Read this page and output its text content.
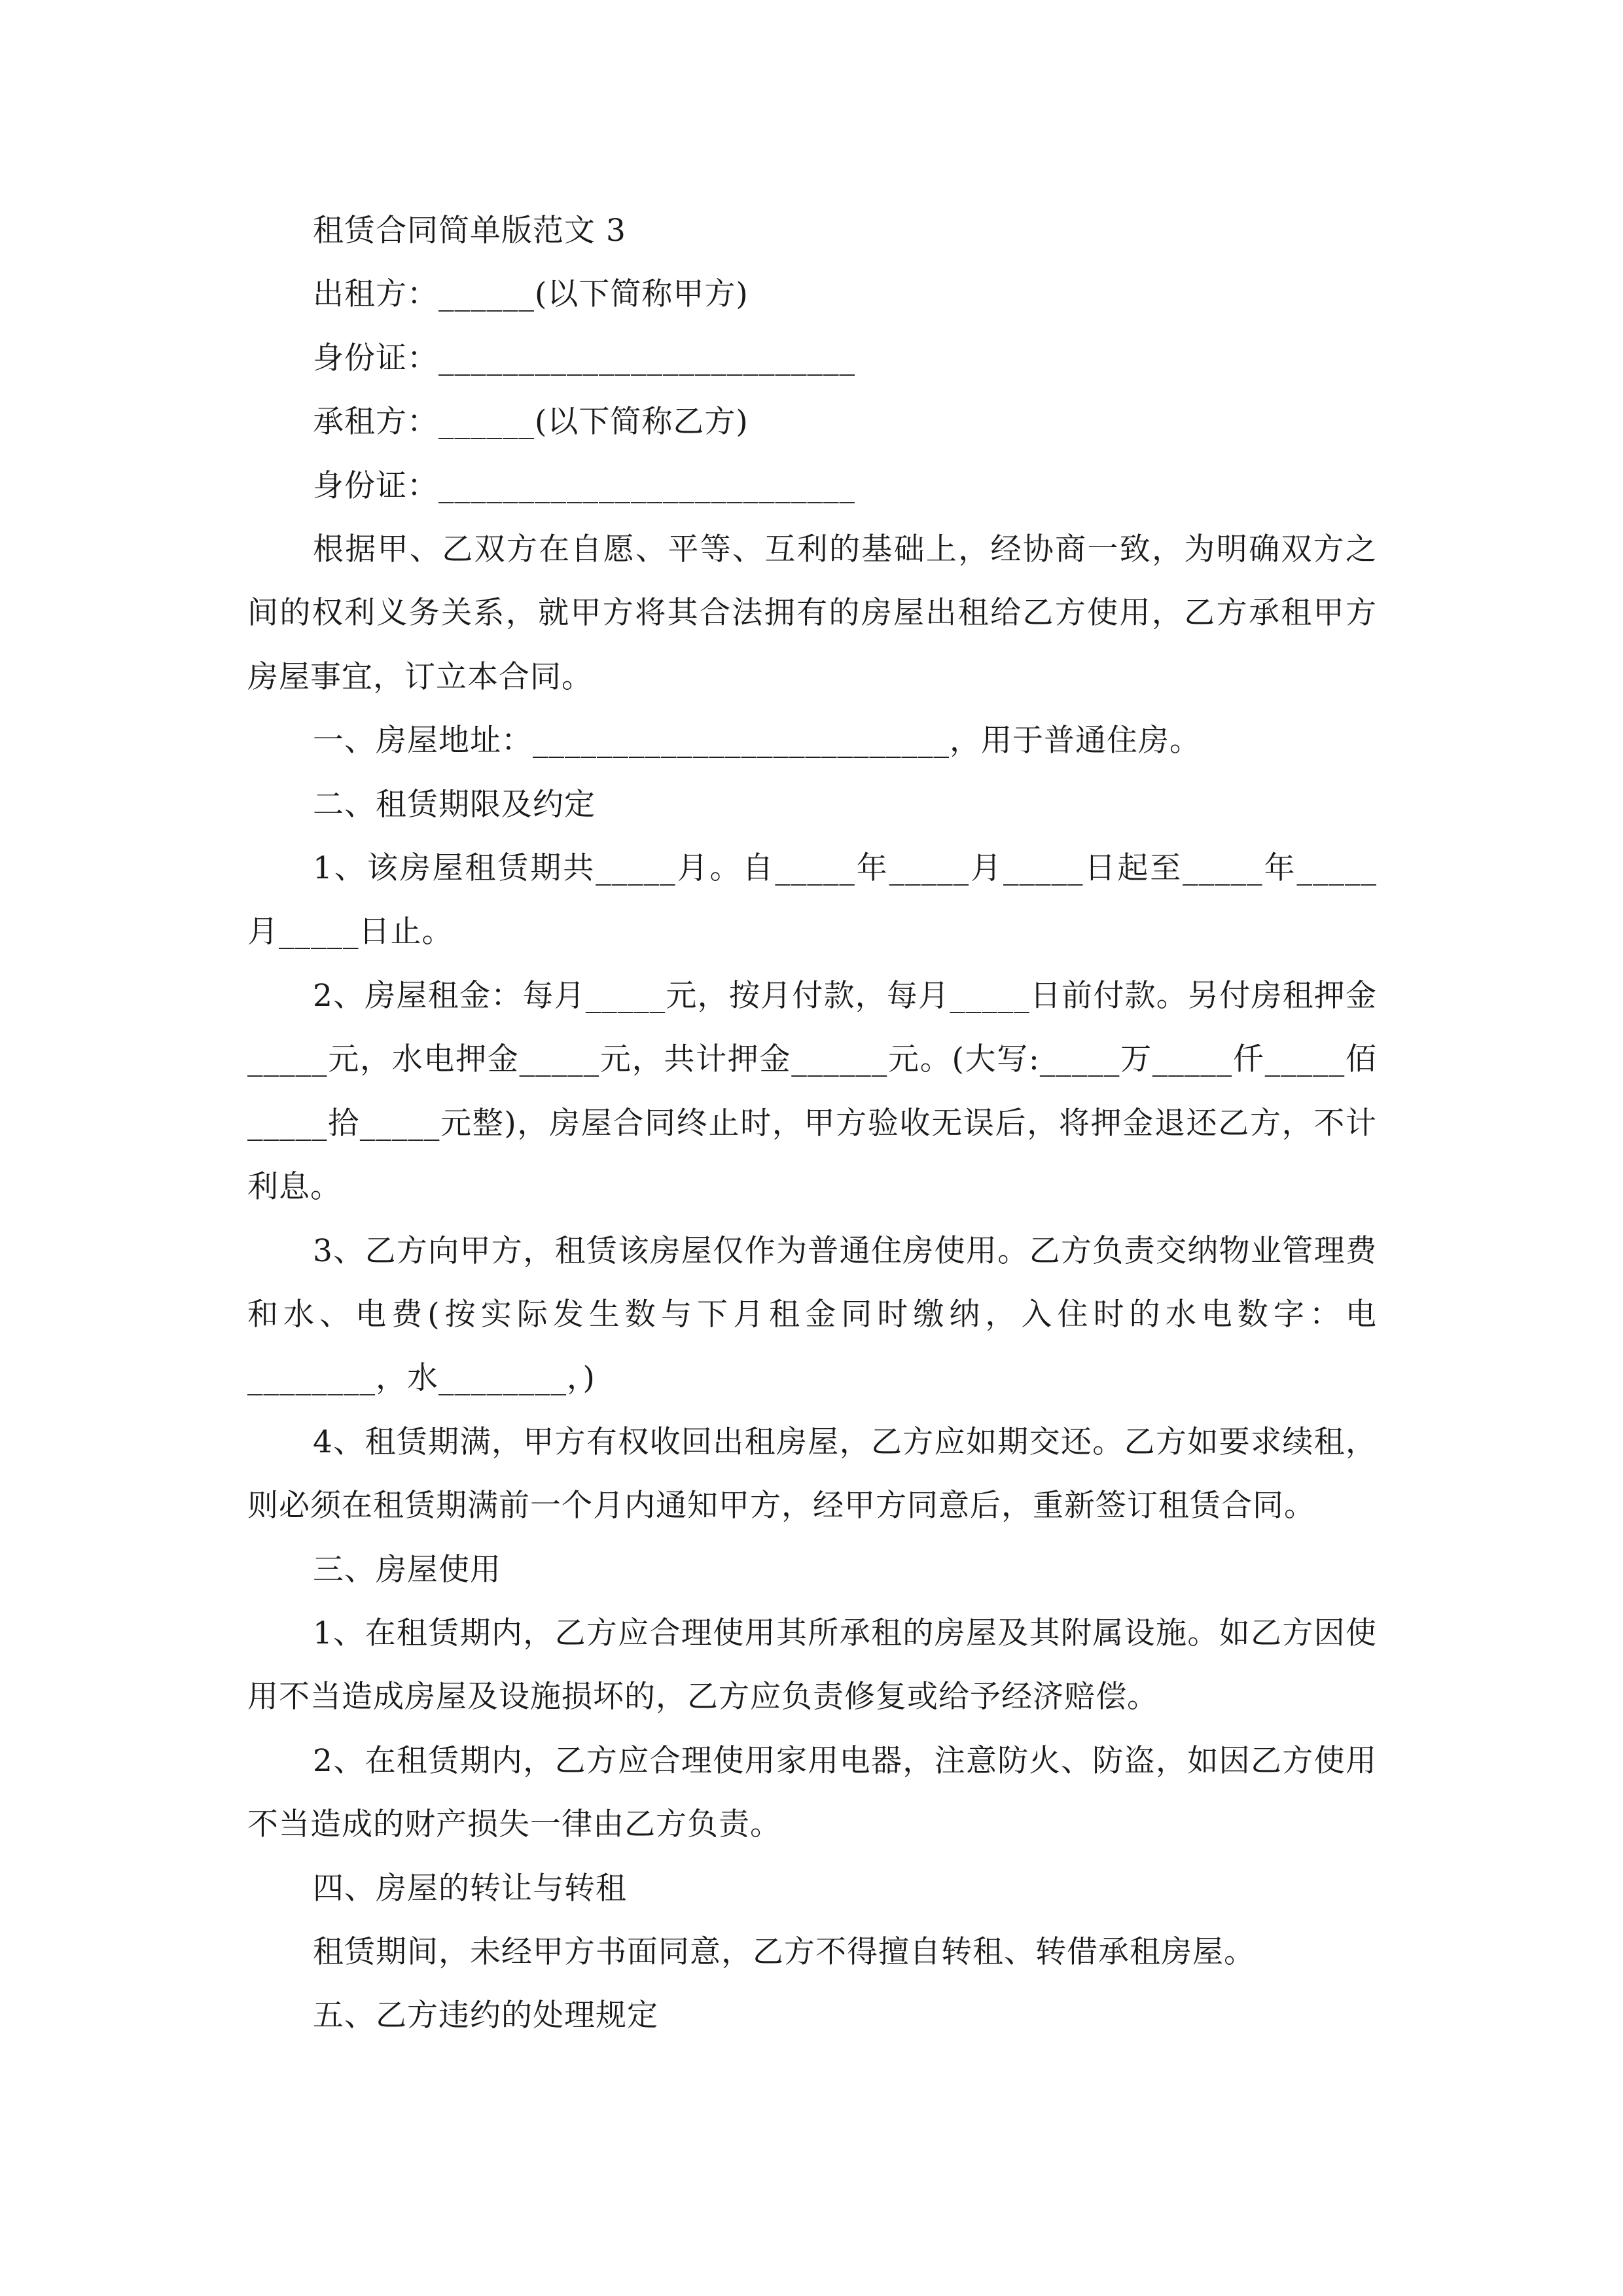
租赁合同简单版范文 3

出租方：______(以下简称甲方)

身份证：__________________________

承租方：______(以下简称乙方)

身份证：__________________________

根据甲、乙双方在自愿、平等、互利的基础上，经协商一致，为明确双方之间的权利义务关系，就甲方将其合法拥有的房屋出租给乙方使用，乙方承租甲方房屋事宜，订立本合同。

一、房屋地址：__________________________，用于普通住房。

二、租赁期限及约定

1、该房屋租赁期共_____月。自_____年_____月_____日起至_____年_____月_____日止。

2、房屋租金：每月_____元，按月付款，每月_____日前付款。另付房租押金_____元，水电押金_____元，共计押金______元。(大写:_____万_____仟_____佰_____拾_____元整)，房屋合同终止时，甲方验收无误后，将押金退还乙方，不计利息。

3、乙方向甲方，租赁该房屋仅作为普通住房使用。乙方负责交纳物业管理费和水、电费(按实际发生数与下月租金同时缴纳，入住时的水电数字：电________，水________，)

4、租赁期满，甲方有权收回出租房屋，乙方应如期交还。乙方如要求续租，则必须在租赁期满前一个月内通知甲方，经甲方同意后，重新签订租赁合同。

三、房屋使用

1、在租赁期内，乙方应合理使用其所承租的房屋及其附属设施。如乙方因使用不当造成房屋及设施损坏的，乙方应负责修复或给予经济赔偿。

2、在租赁期内，乙方应合理使用家用电器，注意防火、防盗，如因乙方使用不当造成的财产损失一律由乙方负责。

四、房屋的转让与转租

租赁期间，未经甲方书面同意，乙方不得擅自转租、转借承租房屋。

五、乙方违约的处理规定
